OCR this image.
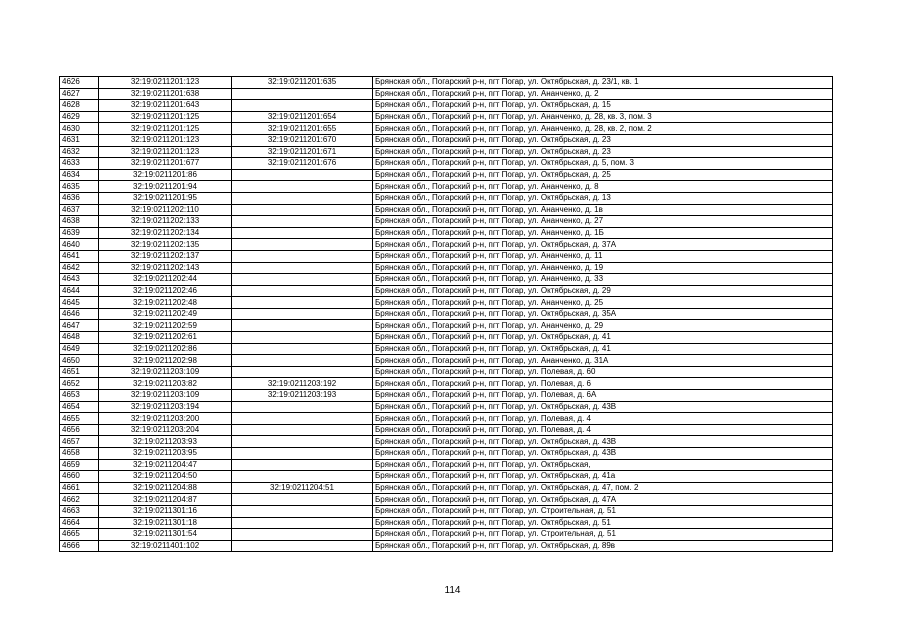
4626	32:19:0211201:123	32:19:0211201:635	Брянская обл., Погарский р-н, пгт Погар, ул. Октябрьская, д. 23/1, кв. 1
4627	32:19:0211201:638		Брянская обл., Погарский р-н, пгт Погар, ул. Ананченко, д. 2
4628	32:19:0211201:643		Брянская обл., Погарский р-н, пгт Погар, ул. Октябрьская, д. 15
4629	32:19:0211201:125	32:19:0211201:654	Брянская обл., Погарский р-н, пгт Погар, ул. Ананченко, д. 28, кв. 3, пом. 3
4630	32:19:0211201:125	32:19:0211201:655	Брянская обл., Погарский р-н, пгт Погар, ул. Ананченко, д. 28, кв. 2, пом. 2
4631	32:19:0211201:123	32:19:0211201:670	Брянская обл., Погарский р-н, пгт Погар, ул. Октябрьская, д. 23
4632	32:19:0211201:123	32:19:0211201:671	Брянская обл., Погарский р-н, пгт Погар, ул. Октябрьская, д. 23
4633	32:19:0211201:677	32:19:0211201:676	Брянская обл., Погарский р-н, пгт Погар, ул. Октябрьская, д. 5, пом. 3
4634	32:19:0211201:86		Брянская обл., Погарский р-н, пгт Погар, ул. Октябрьская, д. 25
4635	32:19:0211201:94		Брянская обл., Погарский р-н, пгт Погар, ул. Ананченко, д. 8
4636	32:19:0211201:95		Брянская обл., Погарский р-н, пгт Погар, ул. Октябрьская, д. 13
4637	32:19:0211202:110		Брянская обл., Погарский р-н, пгт Погар, ул. Ананченко, д. 1в
4638	32:19:0211202:133		Брянская обл., Погарский р-н, пгт Погар, ул. Ананченко, д. 27
4639	32:19:0211202:134		Брянская обл., Погарский р-н, пгт Погар, ул. Ананченко, д. 1Б
4640	32:19:0211202:135		Брянская обл., Погарский р-н, пгт Погар, ул. Октябрьская, д. 37А
4641	32:19:0211202:137		Брянская обл., Погарский р-н, пгт Погар, ул. Ананченко, д. 11
4642	32:19:0211202:143		Брянская обл., Погарский р-н, пгт Погар, ул. Ананченко, д. 19
4643	32:19:0211202:44		Брянская обл., Погарский р-н, пгт Погар, ул. Ананченко, д. 33
4644	32:19:0211202:46		Брянская обл., Погарский р-н, пгт Погар, ул. Октябрьская, д. 29
4645	32:19:0211202:48		Брянская обл., Погарский р-н, пгт Погар, ул. Ананченко, д. 25
4646	32:19:0211202:49		Брянская обл., Погарский р-н, пгт Погар, ул. Октябрьская, д. 35А
4647	32:19:0211202:59		Брянская обл., Погарский р-н, пгт Погар, ул. Ананченко, д. 29
4648	32:19:0211202:61		Брянская обл., Погарский р-н, пгт Погар, ул. Октябрьская, д. 41
4649	32:19:0211202:86		Брянская обл., Погарский р-н, пгт Погар, ул. Октябрьская, д. 41
4650	32:19:0211202:98		Брянская обл., Погарский р-н, пгт Погар, ул. Ананченко, д. 31А
4651	32:19:0211203:109		Брянская обл., Погарский р-н, пгт Погар, ул. Полевая, д. 60
4652	32:19:0211203:82	32:19:0211203:192	Брянская обл., Погарский р-н, пгт Погар, ул. Полевая, д. 6
4653	32:19:0211203:109	32:19:0211203:193	Брянская обл., Погарский р-н, пгт Погар, ул. Полевая, д. 6А
4654	32:19:0211203:194		Брянская обл., Погарский р-н, пгт Погар, ул. Октябрьская, д. 43В
4655	32:19:0211203:200		Брянская обл., Погарский р-н, пгт Погар, ул. Полевая, д. 4
4656	32:19:0211203:204		Брянская обл., Погарский р-н, пгт Погар, ул. Полевая, д. 4
4657	32:19:0211203:93		Брянская обл., Погарский р-н, пгт Погар, ул. Октябрьская, д. 43В
4658	32:19:0211203:95		Брянская обл., Погарский р-н, пгт Погар, ул. Октябрьская, д. 43В
4659	32:19:0211204:47		Брянская обл., Погарский р-н, пгт Погар, ул. Октябрьская,
4660	32:19:0211204:50		Брянская обл., Погарский р-н, пгт Погар, ул. Октябрьская, д. 41а
4661	32:19:0211204:88	32:19:0211204:51	Брянская обл., Погарский р-н, пгт Погар, ул. Октябрьская, д. 47, пом. 2
4662	32:19:0211204:87		Брянская обл., Погарский р-н, пгт Погар, ул. Октябрьская, д. 47А
4663	32:19:0211301:16		Брянская обл., Погарский р-н, пгт Погар, ул. Строительная, д. 51
4664	32:19:0211301:18		Брянская обл., Погарский р-н, пгт Погар, ул. Октябрьская, д. 51
4665	32:19:0211301:54		Брянская обл., Погарский р-н, пгт Погар, ул. Строительная, д. 51
4666	32:19:0211401:102		Брянская обл., Погарский р-н, пгт Погар, ул. Октябрьская, д. 89в
114
